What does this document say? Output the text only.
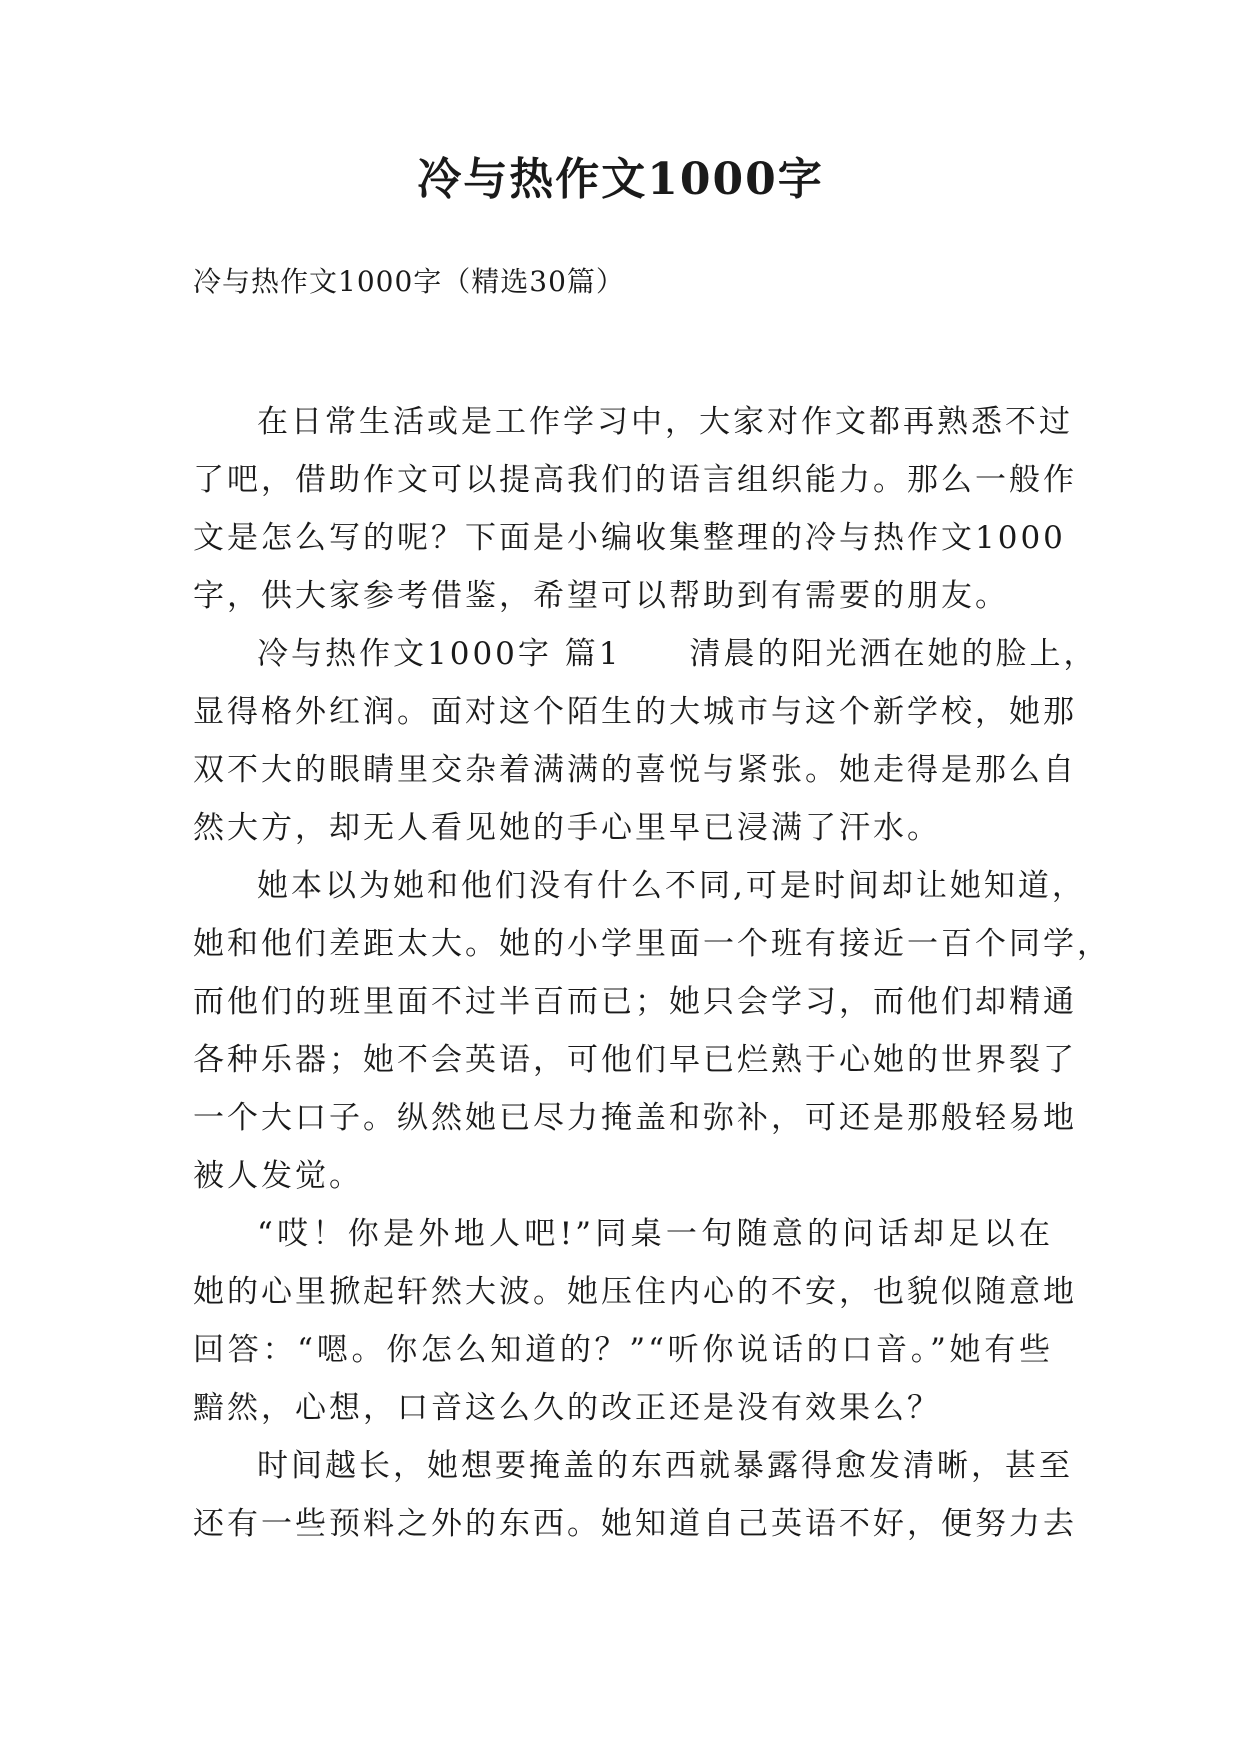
冷与热作文1000字

冷与热作文1000字（精选30篇）

在日常生活或是工作学习中，大家对作文都再熟悉不过

了吧，借助作文可以提高我们的语言组织能力。那么一般作

文是怎么写的呢？下面是小编收集整理的冷与热作文1000

字，供大家参考借鉴，希望可以帮助到有需要的朋友。

冷与热作文1000字 篇1　　清晨的阳光洒在她的脸上，

显得格外红润。面对这个陌生的大城市与这个新学校，她那

双不大的眼睛里交杂着满满的喜悦与紧张。她走得是那么自

然大方，却无人看见她的手心里早已浸满了汗水。

她本以为她和他们没有什么不同,可是时间却让她知道，

她和他们差距太大。她的小学里面一个班有接近一百个同学，

而他们的班里面不过半百而已；她只会学习，而他们却精通

各种乐器；她不会英语，可他们早已烂熟于心她的世界裂了

一个大口子。纵然她已尽力掩盖和弥补，可还是那般轻易地

被人发觉。

“哎！你是外地人吧!”同桌一句随意的问话却足以在

她的心里掀起轩然大波。她压住内心的不安，也貌似随意地

回答：“嗯。你怎么知道的？”“听你说话的口音。”她有些

黯然，心想，口音这么久的改正还是没有效果么？

时间越长，她想要掩盖的东西就暴露得愈发清晰，甚至

还有一些预料之外的东西。她知道自己英语不好，便努力去
